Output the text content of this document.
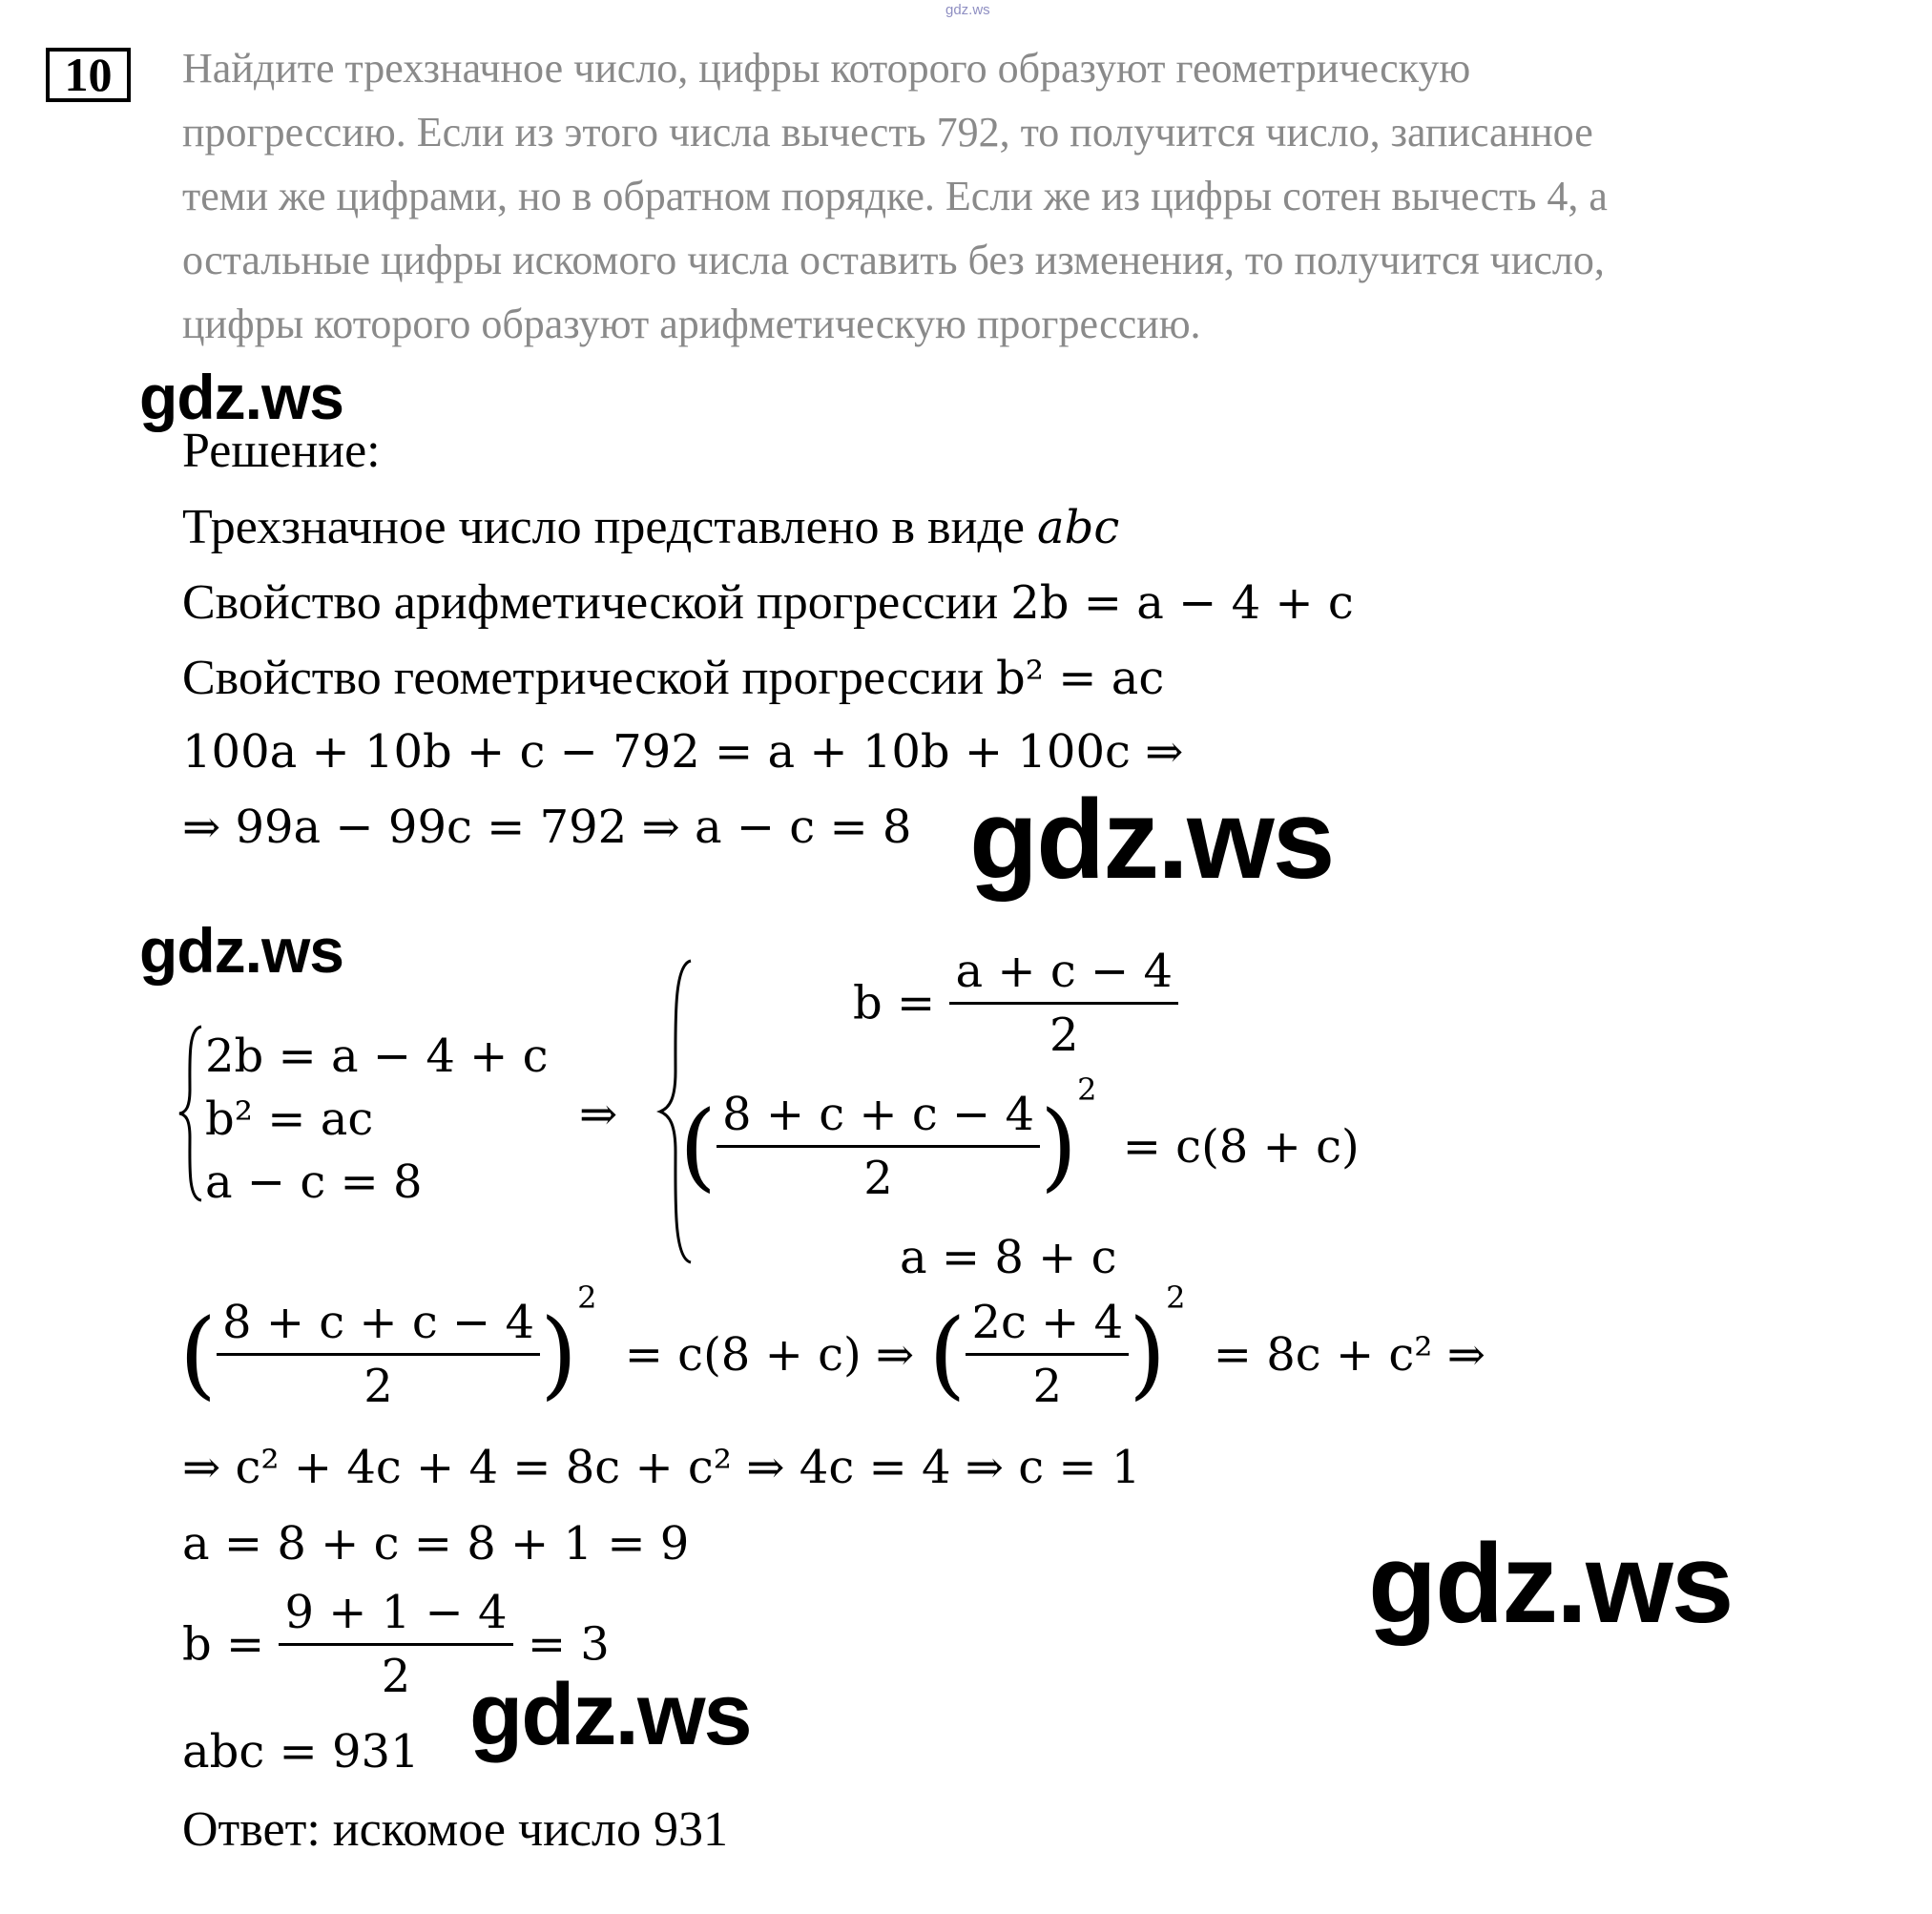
gdz.ws
10	Найдите трехзначное число, цифры которого образуют геометрическую
прогрессию. Если из этого числа вычесть 792, то получится число, записанное
теми же цифрами, но в обратном порядке. Если же из цифры сотен вычесть 4, а
остальные цифры искомого числа оставить без изменения, то получится число,
цифры которого образуют арифметическую прогрессию.
gdz.ws
gdz.ws
gdz.ws
gdz.ws
gdz.ws
Решение:
Трехзначное число представлено в виде abc
Свойство арифметической прогрессии 2b = a − 4 + c
Свойство геометрической прогрессии b² = ac
100a + 10b + c − 792 = a + 10b + 100c ⇒
⇒ 99a − 99c = 792 ⇒ a − c = 8
2b = a − 4 + c
b² = ac
a − c = 8
⇒
$b = \frac{a + c - 4}{2}$
( $\frac{8 + c + c - 4}{2} )^2 = c(8 + c)$
a = 8 + c
( $\frac{8 + c + c - 4}{2} )^2 = c(8 + c)$ ⇒ ( $\frac{2c + 4}{2} )^2 = 8c + c^2$ ⇒
⇒ c² + 4c + 4 = 8c + c² ⇒ 4c = 4 ⇒ c = 1
a = 8 + c = 8 + 1 = 9
$b = \frac{9 + 1 - 4}{2} = 3$
abc = 931
Ответ: искомое число 931
